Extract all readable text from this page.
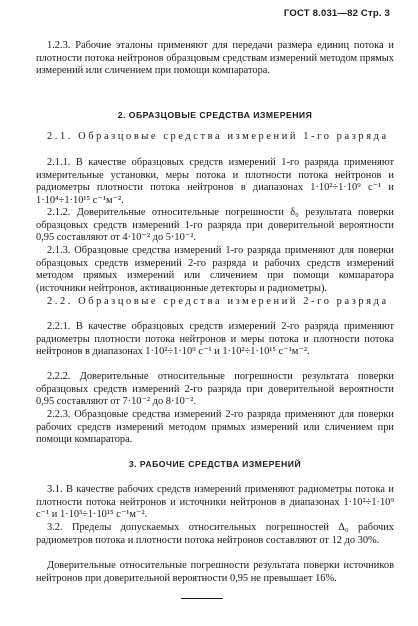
ГОСТ 8.031—82 Стр. 3
1.2.3. Рабочие эталоны применяют для передачи размера единиц потока и плотности потока нейтронов образцовым средствам измерений методом прямых измерений или сличением при помощи компаратора.
2. ОБРАЗЦОВЫЕ СРЕДСТВА ИЗМЕРЕНИЯ
2.1. Образцовые средства измерений 1-го разряда
2.1.1. В качестве образцовых средств измерений 1-го разряда применяют измерительные установки, меры потока и плотности потока нейтронов и радиометры плотности потока нейтронов в диапазонах 1·10²÷1·10⁹ с⁻¹ и 1·10⁴÷1·10¹⁵ с⁻¹м⁻².
2.1.2. Доверительные относительные погрешности δ₀ результата поверки образцовых средств измерений 1-го разряда при доверительной вероятности 0,95 составляют от 4·10⁻² до 5·10⁻².
2.1.3. Образцовые средства измерений 1-го разряда применяют для поверки образцовых средств измерений 2-го разряда и рабочих средств измерений методом прямых измерений или сличением при помощи компаратора (источники нейтронов, активационные детекторы и радиометры).
2.2. Образцовые средства измерений 2-го разряда
2.2.1. В качестве образцовых средств измерений 2-го разряда применяют радиометры плотности потока нейтронов и меры потока и плотности потока нейтронов в диапазонах 1·10²÷1·10⁹ с⁻¹ и 1·10²÷1·10¹⁵ с⁻¹м⁻².
2.2.2. Доверительные относительные погрешности результата поверки образцовых средств измерений 2-го разряда при доверительной вероятности 0,95 составляют от 7·10⁻² до 8·10⁻².
2.2.3. Образцовые средства измерений 2-го разряда применяют для поверки рабочих средств измерений методом прямых измерений или сличением при помощи компаратора.
3. РАБОЧИЕ СРЕДСТВА ИЗМЕРЕНИЙ
3.1. В качестве рабочих средств измерений применяют радиометры потока и плотности потока нейтронов и источники нейтронов в диапазонах 1·10²÷1·10⁹ с⁻¹ и 1·10³÷1·10¹⁵ с⁻¹м⁻².
3.2. Пределы допускаемых относительных погрешностей Δ₀ рабочих радиометров потока и плотности потока нейтронов составляют от 12 до 30%.
Доверительные относительные погрешности результата поверки источников нейтронов при доверительной вероятности 0,95 не превышает 16%.
